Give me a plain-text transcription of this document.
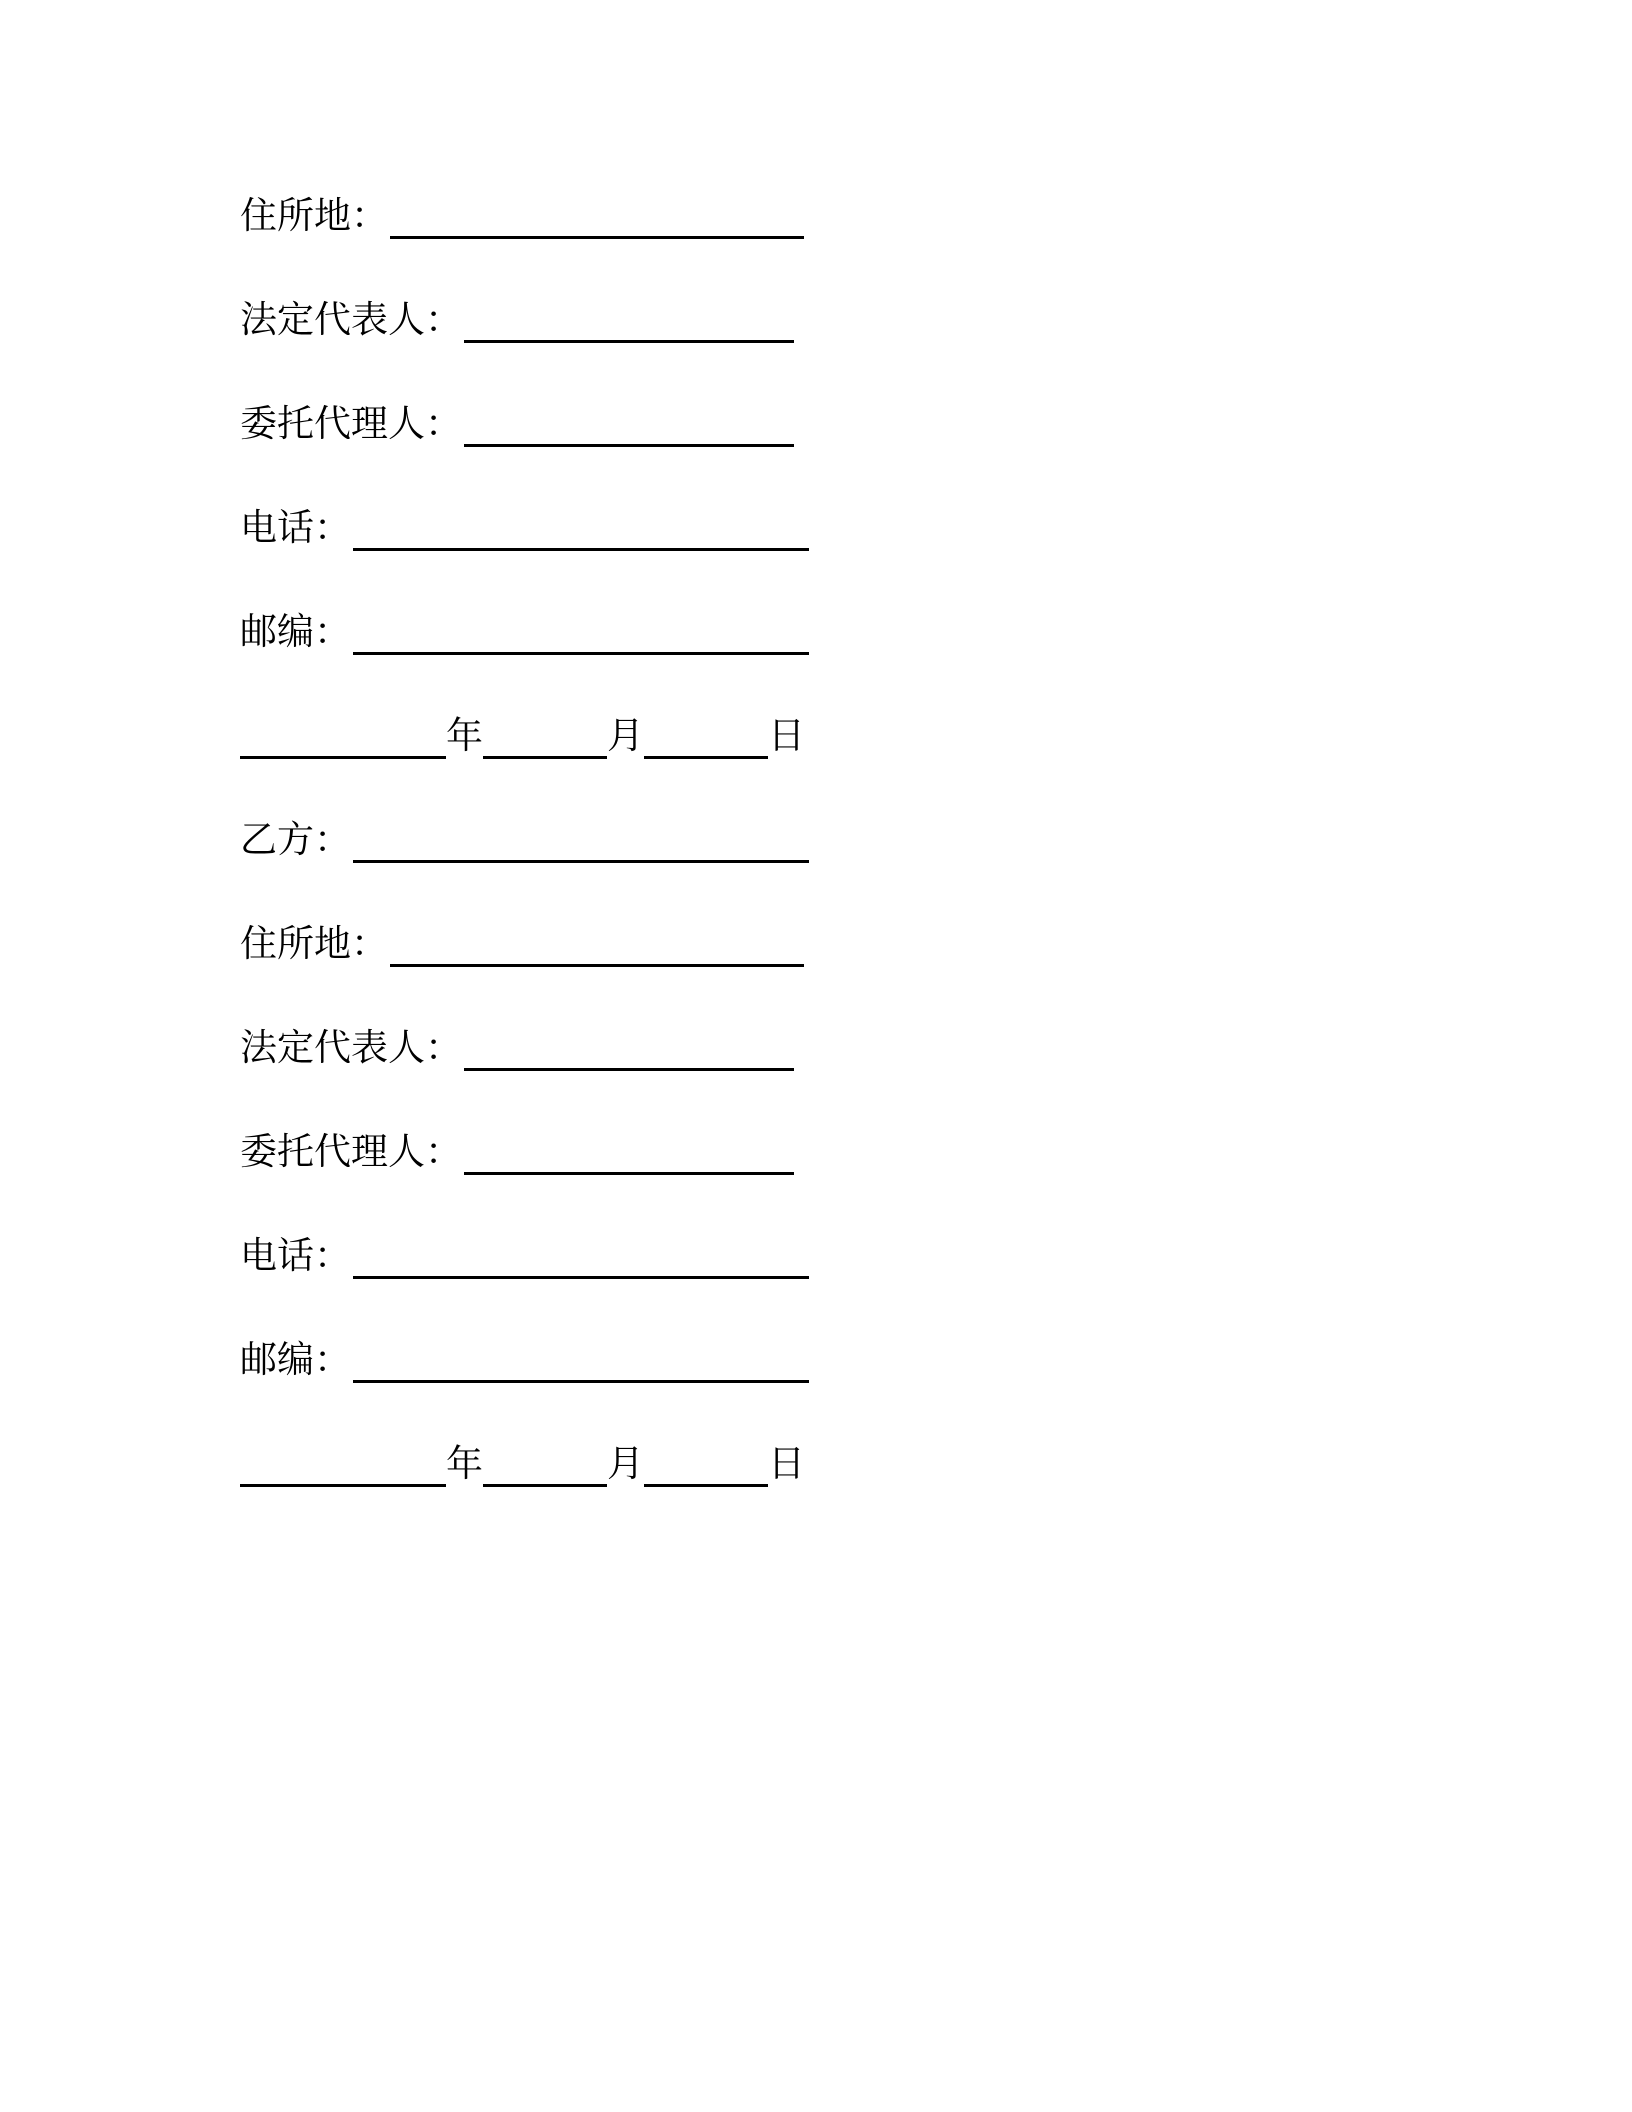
住所地：
法定代表人：
委托代理人：
电话：
邮编：
年	月	日
乙方：
住所地：
法定代表人：
委托代理人：
电话：
邮编：
年	月	日
